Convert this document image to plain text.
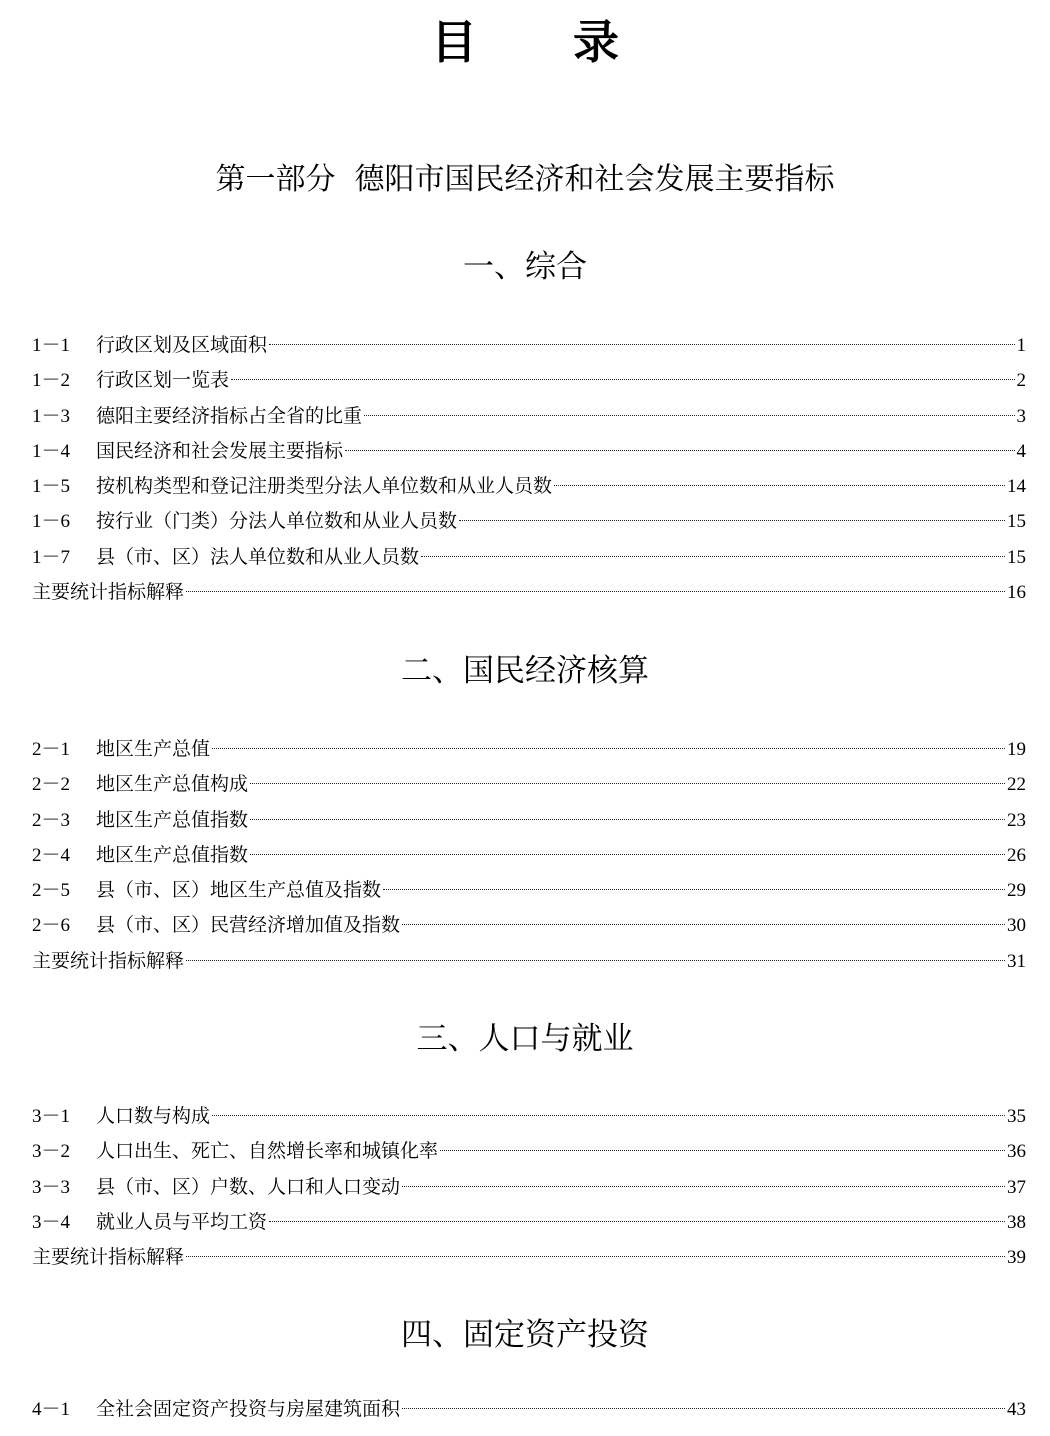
目录
第一部分  德阳市国民经济和社会发展主要指标
一、综合
1－1	行政区划及区域面积	1
1－2	行政区划一览表	2
1－3	德阳主要经济指标占全省的比重	3
1－4	国民经济和社会发展主要指标	4
1－5	按机构类型和登记注册类型分法人单位数和从业人员数	14
1－6	按行业（门类）分法人单位数和从业人员数	15
1－7	县（市、区）法人单位数和从业人员数	15
主要统计指标解释	16
二、国民经济核算
2－1	地区生产总值	19
2－2	地区生产总值构成	22
2－3	地区生产总值指数	23
2－4	地区生产总值指数	26
2－5	县（市、区）地区生产总值及指数	29
2－6	县（市、区）民营经济增加值及指数	30
主要统计指标解释	31
三、人口与就业
3－1	人口数与构成	35
3－2	人口出生、死亡、自然增长率和城镇化率	36
3－3	县（市、区）户数、人口和人口变动	37
3－4	就业人员与平均工资	38
主要统计指标解释	39
四、固定资产投资
4－1	全社会固定资产投资与房屋建筑面积	43
